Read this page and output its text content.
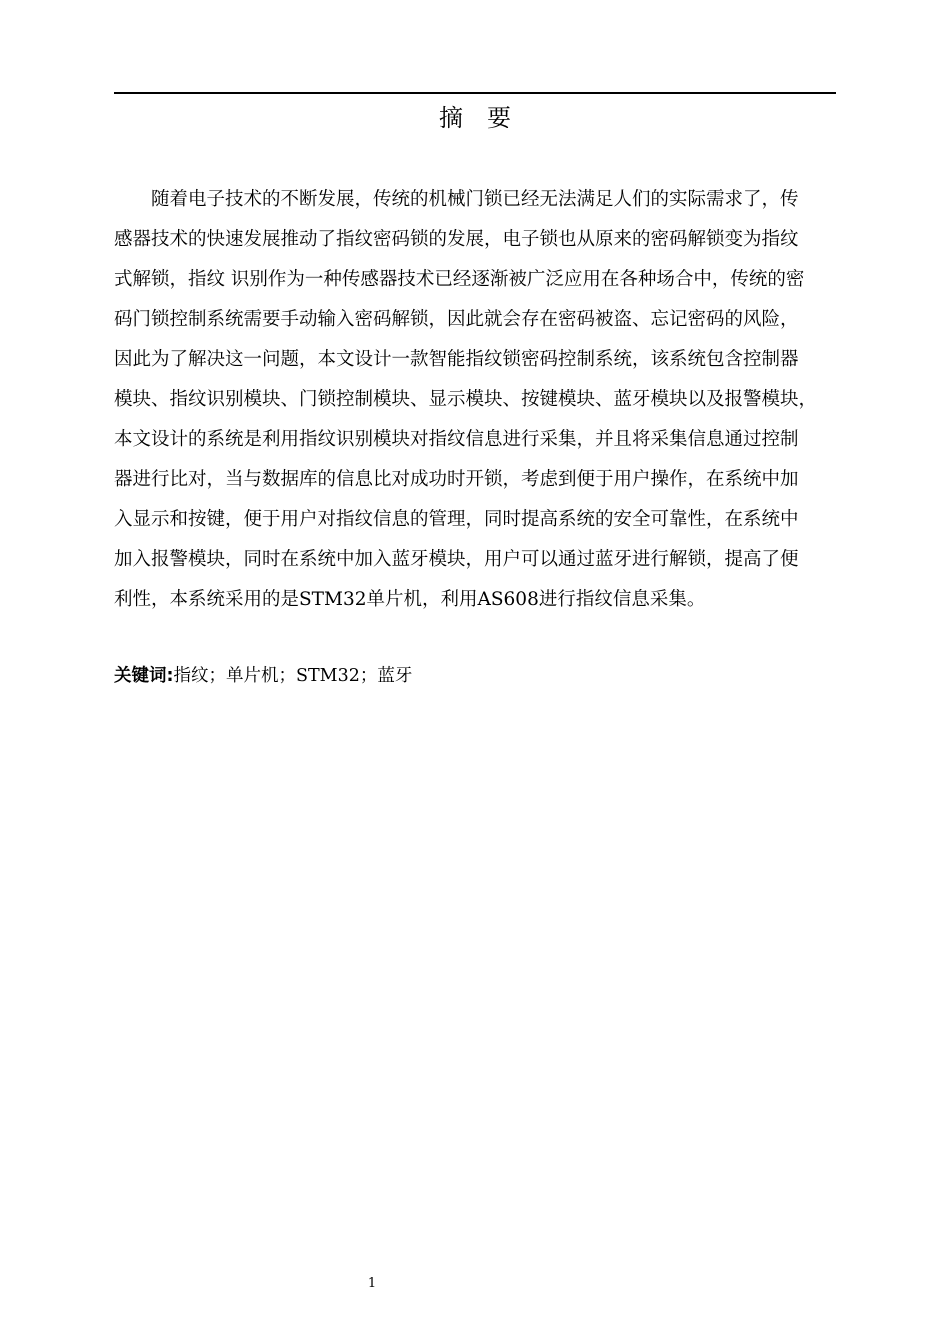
摘 要
随着电子技术的不断发展，传统的机械门锁已经无法满足人们的实际需求了，传
感器技术的快速发展推动了指纹密码锁的发展，电子锁也从原来的密码解锁变为指纹
式解锁，指纹 识别作为一种传感器技术已经逐渐被广泛应用在各种场合中，传统的密
码门锁控制系统需要手动输入密码解锁，因此就会存在密码被盗、忘记密码的风险，
因此为了解决这一问题，本文设计一款智能指纹锁密码控制系统，该系统包含控制器
模块、指纹识别模块、门锁控制模块、显示模块、按键模块、蓝牙模块以及报警模块，
本文设计的系统是利用指纹识别模块对指纹信息进行采集，并且将采集信息通过控制
器进行比对，当与数据库的信息比对成功时开锁，考虑到便于用户操作，在系统中加
入显示和按键，便于用户对指纹信息的管理，同时提高系统的安全可靠性，在系统中
加入报警模块，同时在系统中加入蓝牙模块，用户可以通过蓝牙进行解锁，提高了便
利性，本系统采用的是STM32单片机，利用AS608进行指纹信息采集。
关键词:指纹；单片机；STM32；蓝牙
1
